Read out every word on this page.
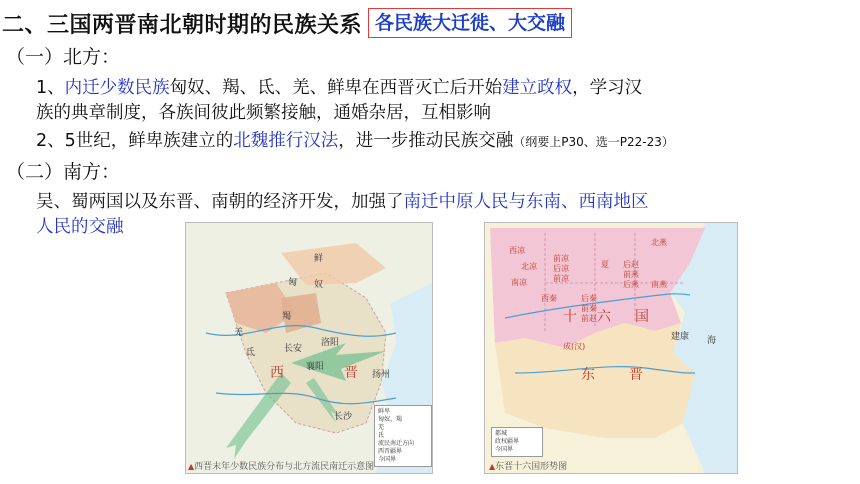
二、三国两晋南北朝时期的民族关系 各民族大迁徙、大交融
（一）北方：
1、内迁少数民族匈奴、羯、氐、羌、鲜卑在西晋灭亡后开始建立政权，学习汉
族的典章制度，各族间彼此频繁接触，通婚杂居，互相影响
2、5世纪，鲜卑族建立的北魏推行汉法，进一步推动民族交融（纲要上P30、选一P22-23）
（二）南方：
吴、蜀两国以及东晋、南朝的经济开发，加强了南迁中原人民与东南、西南地区
人民的交融
鲜
匈 奴
羯
羌
氐	长安
洛阳
西	晋
襄阳
扬州
长沙
鲜卑
匈奴、羯
羌
氐
流民南迁方向
西晋疆界
今国界
▲西晋末年少数民族分布与北方流民南迁示意图
西凉
北凉
南凉
前凉
后凉
前凉
西秦
夏
后秦
前秦
前赵
后赵
前燕
后燕
北燕
南燕
十 六 国
成(汉)
建康
东 晋
海
都城
政权疆界
今国界
▲东晋十六国形势图
